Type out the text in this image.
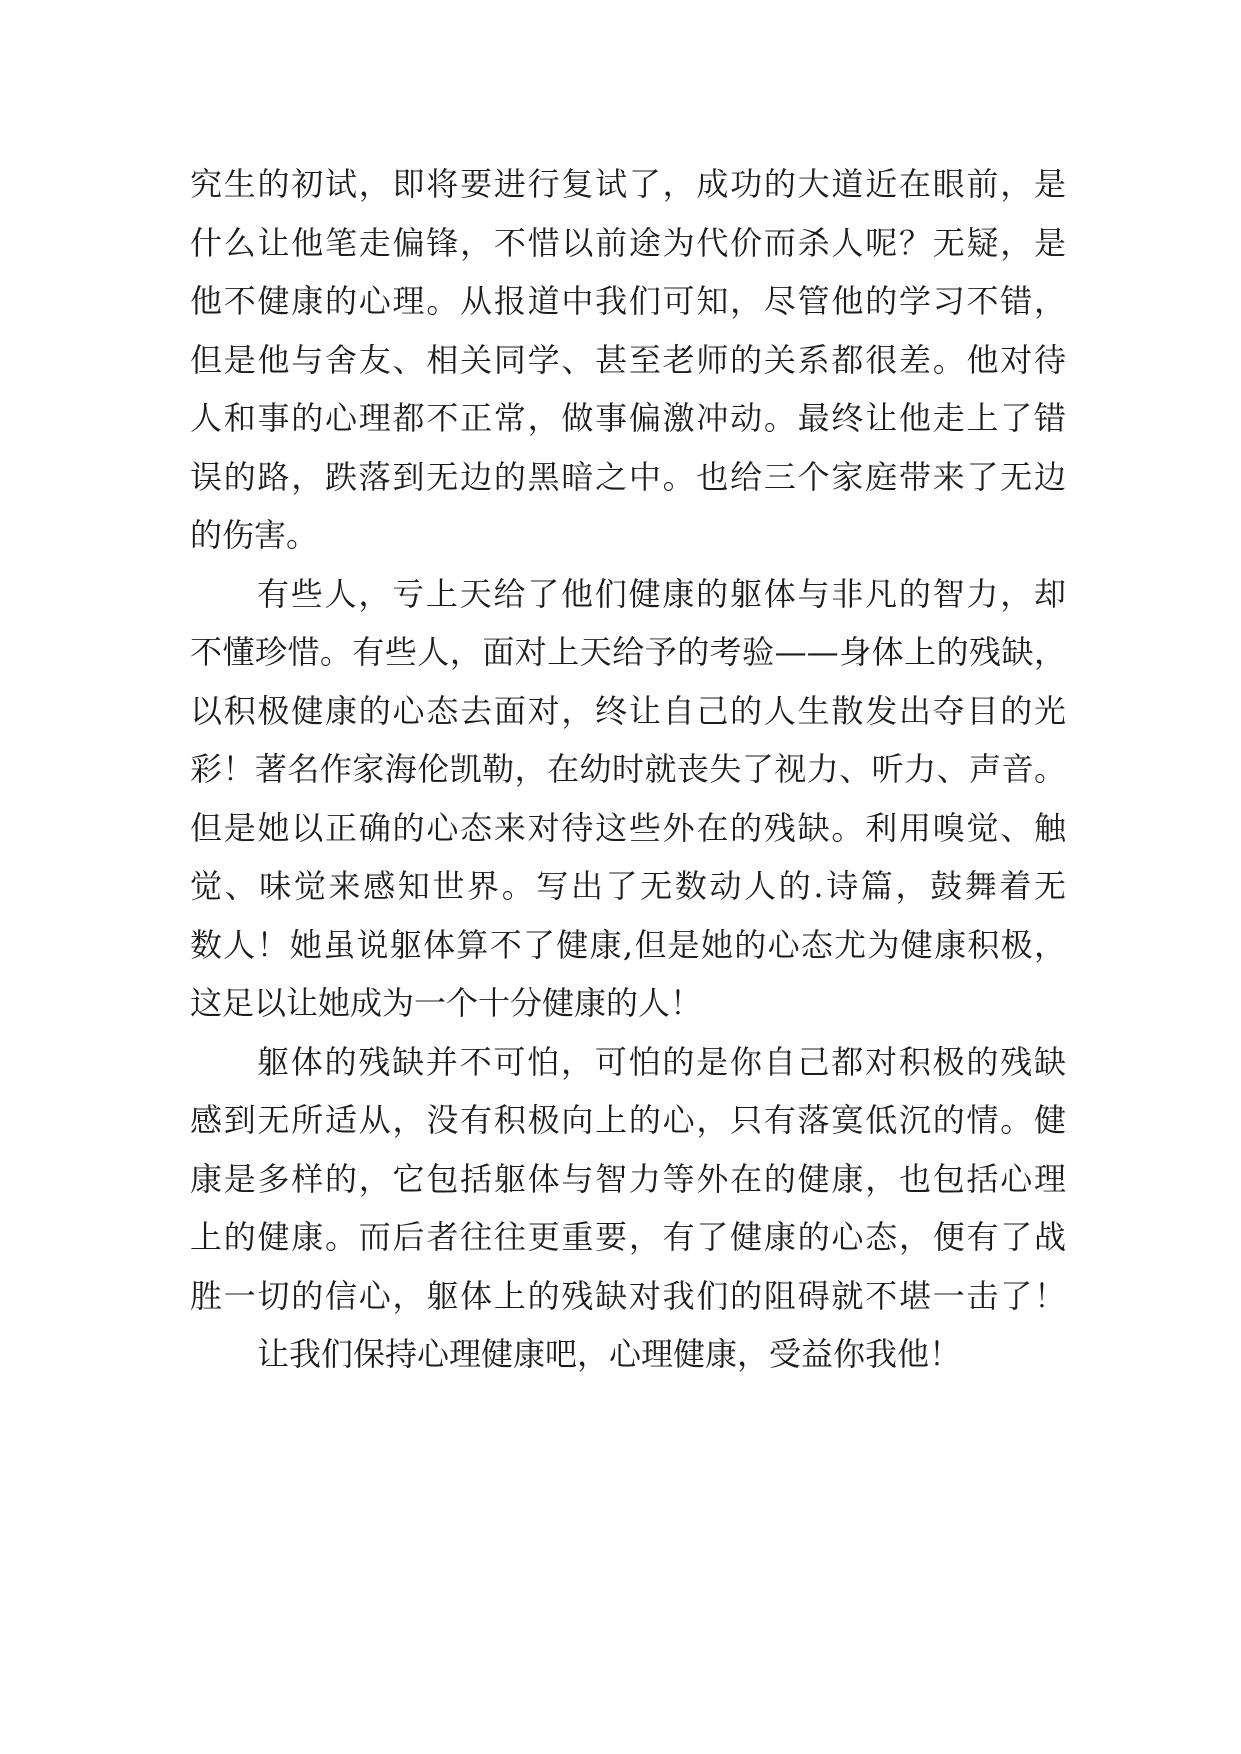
究生的初试，即将要进行复试了，成功的大道近在眼前，是
什么让他笔走偏锋，不惜以前途为代价而杀人呢？无疑，是
他不健康的心理。从报道中我们可知，尽管他的学习不错，
但是他与舍友、相关同学、甚至老师的关系都很差。他对待
人和事的心理都不正常，做事偏激冲动。最终让他走上了错
误的路，跌落到无边的黑暗之中。也给三个家庭带来了无边
的伤害。
有些人，亏上天给了他们健康的躯体与非凡的智力，却
不懂珍惜。有些人，面对上天给予的考验——身体上的残缺，
以积极健康的心态去面对，终让自己的人生散发出夺目的光
彩！著名作家海伦凯勒，在幼时就丧失了视力、听力、声音。
但是她以正确的心态来对待这些外在的残缺。利用嗅觉、触
觉、味觉来感知世界。写出了无数动人的.诗篇，鼓舞着无
数人！她虽说躯体算不了健康,但是她的心态尤为健康积极，
这足以让她成为一个十分健康的人！
躯体的残缺并不可怕，可怕的是你自己都对积极的残缺
感到无所适从，没有积极向上的心，只有落寞低沉的情。健
康是多样的，它包括躯体与智力等外在的健康，也包括心理
上的健康。而后者往往更重要，有了健康的心态，便有了战
胜一切的信心，躯体上的残缺对我们的阻碍就不堪一击了！
让我们保持心理健康吧，心理健康，受益你我他！
